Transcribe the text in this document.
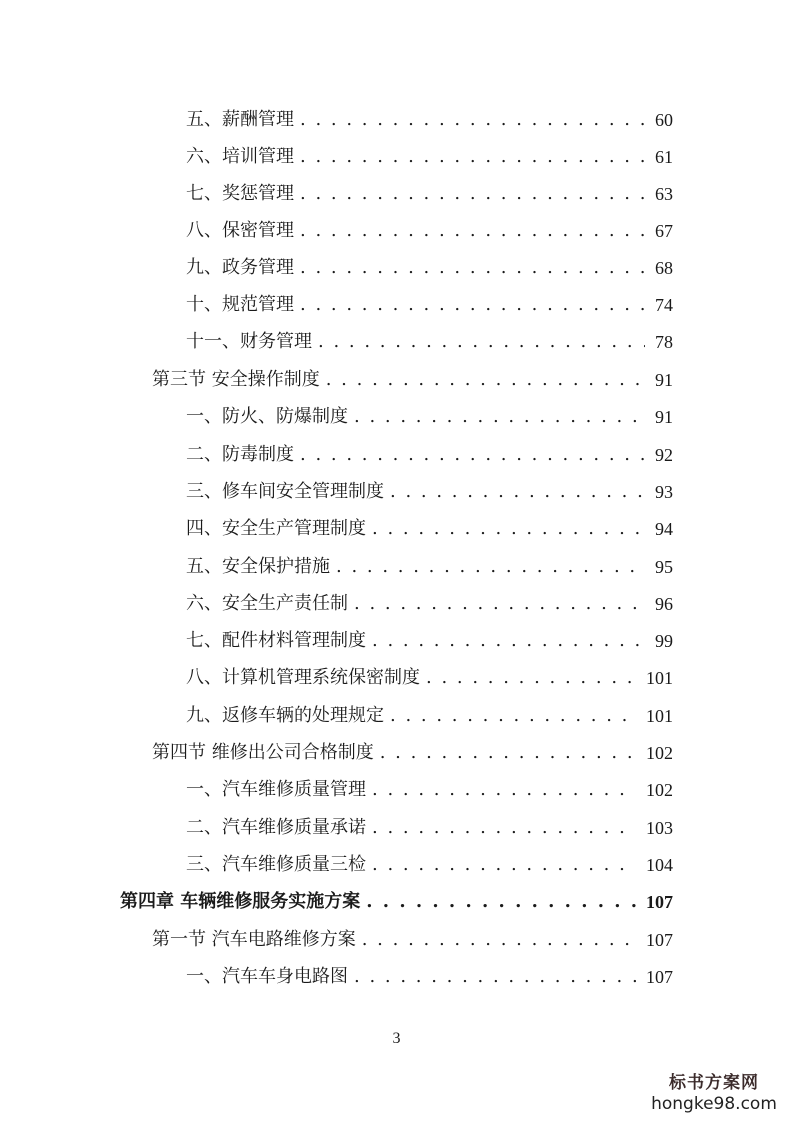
五、薪酬管理 . . .	60
六、培训管理 . . .	61
七、奖惩管理 . . .	63
八、保密管理 . . .	67
九、政务管理 . . .	68
十、规范管理 . . .	74
十一、财务管理 . . .	78
第三节 安全操作制度 . . .	91
一、防火、防爆制度 . . .	91
二、防毒制度 . . .	92
三、修车间安全管理制度 . . .	93
四、安全生产管理制度 . . .	94
五、安全保护措施 . . .	95
六、安全生产责任制 . . .	96
七、配件材料管理制度 . . .	99
八、计算机管理系统保密制度 . . .	101
九、返修车辆的处理规定 . . .	101
第四节 维修出公司合格制度 . . .	102
一、汽车维修质量管理 . . .	102
二、汽车维修质量承诺 . . .	103
三、汽车维修质量三检 . . .	104
第四章 车辆维修服务实施方案 . . .	107
第一节 汽车电路维修方案 . . .	107
一、汽车车身电路图 . . .	107
3
标书方案网
hongke98.com
